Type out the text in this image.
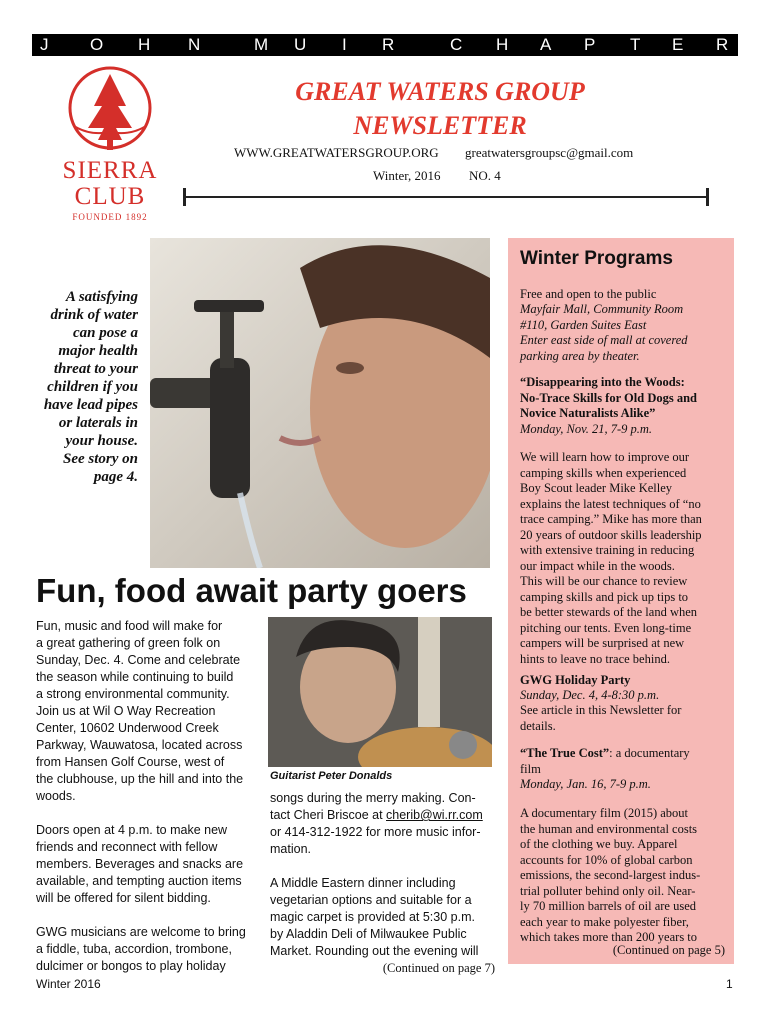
J O H N	M U I R	C H A P T E R
SIERRA
CLUB
FOUNDED 1892
GREAT WATERS GROUP
NEWSLETTER
WWW.GREATWATERSGROUP.ORG greatwatersgroupsc@gmail.com
Winter, 2016 NO. 4
A satisfying
drink of water
can pose a
major health
threat to your
children if you
have lead pipes
or laterals in
your house.
See story on
page 4.
Fun, food await party goers

Fun, music and food will make for
a great gathering of green folk on
Sunday, Dec. 4. Come and celebrate
the season while continuing to build
a strong environmental community.
Join us at Wil O Way Recreation
Center, 10602 Underwood Creek
Parkway, Wauwatosa, located across
from Hansen Golf Course, west of
the clubhouse, up the hill and into the
woods.

Doors open at 4 p.m. to make new
friends and reconnect with fellow
members. Beverages and snacks are
available, and tempting auction items
will be offered for silent bidding.

GWG musicians are welcome to bring
a fiddle, tuba, accordion, trombone,
dulcimer or bongos to play holiday

Guitarist Peter Donalds

songs during the merry making. Con-
tact Cheri Briscoe at cherib@wi.rr.com
or 414-312-1922 for more music infor-
mation.

A Middle Eastern dinner including
vegetarian options and suitable for a
magic carpet is provided at 5:30 p.m.
by Aladdin Deli of Milwaukee Public
Market. Rounding out the evening will

(Continued on page 7)
Winter Programs
Free and open to the public
Mayfair Mall, Community Room
#110, Garden Suites East
Enter east side of mall at covered
parking area by theater.
“Disappearing into the Woods:
No-Trace Skills for Old Dogs and
Novice Naturalists Alike”
Monday, Nov. 21, 7-9 p.m.
We will learn how to improve our
camping skills when experienced
Boy Scout leader Mike Kelley
explains the latest techniques of “no
trace camping.” Mike has more than
20 years of outdoor skills leadership
with extensive training in reducing
our impact while in the woods.
This will be our chance to review
camping skills and pick up tips to
be better stewards of the land when
pitching our tents. Even long-time
campers will be surprised at new
hints to leave no trace behind.
GWG Holiday Party
Sunday, Dec. 4, 4-8:30 p.m.
See article in this Newsletter for
details.
“The True Cost”: a documentary
film
Monday, Jan. 16, 7-9 p.m.
A documentary film (2015) about
the human and environmental costs
of the clothing we buy. Apparel
accounts for 10% of global carbon
emissions, the second-largest indus-
trial polluter behind only oil. Near-
ly 70 million barrels of oil are used
each year to make polyester fiber,
which takes more than 200 years to
(Continued on page 5)
Winter 2016	1
